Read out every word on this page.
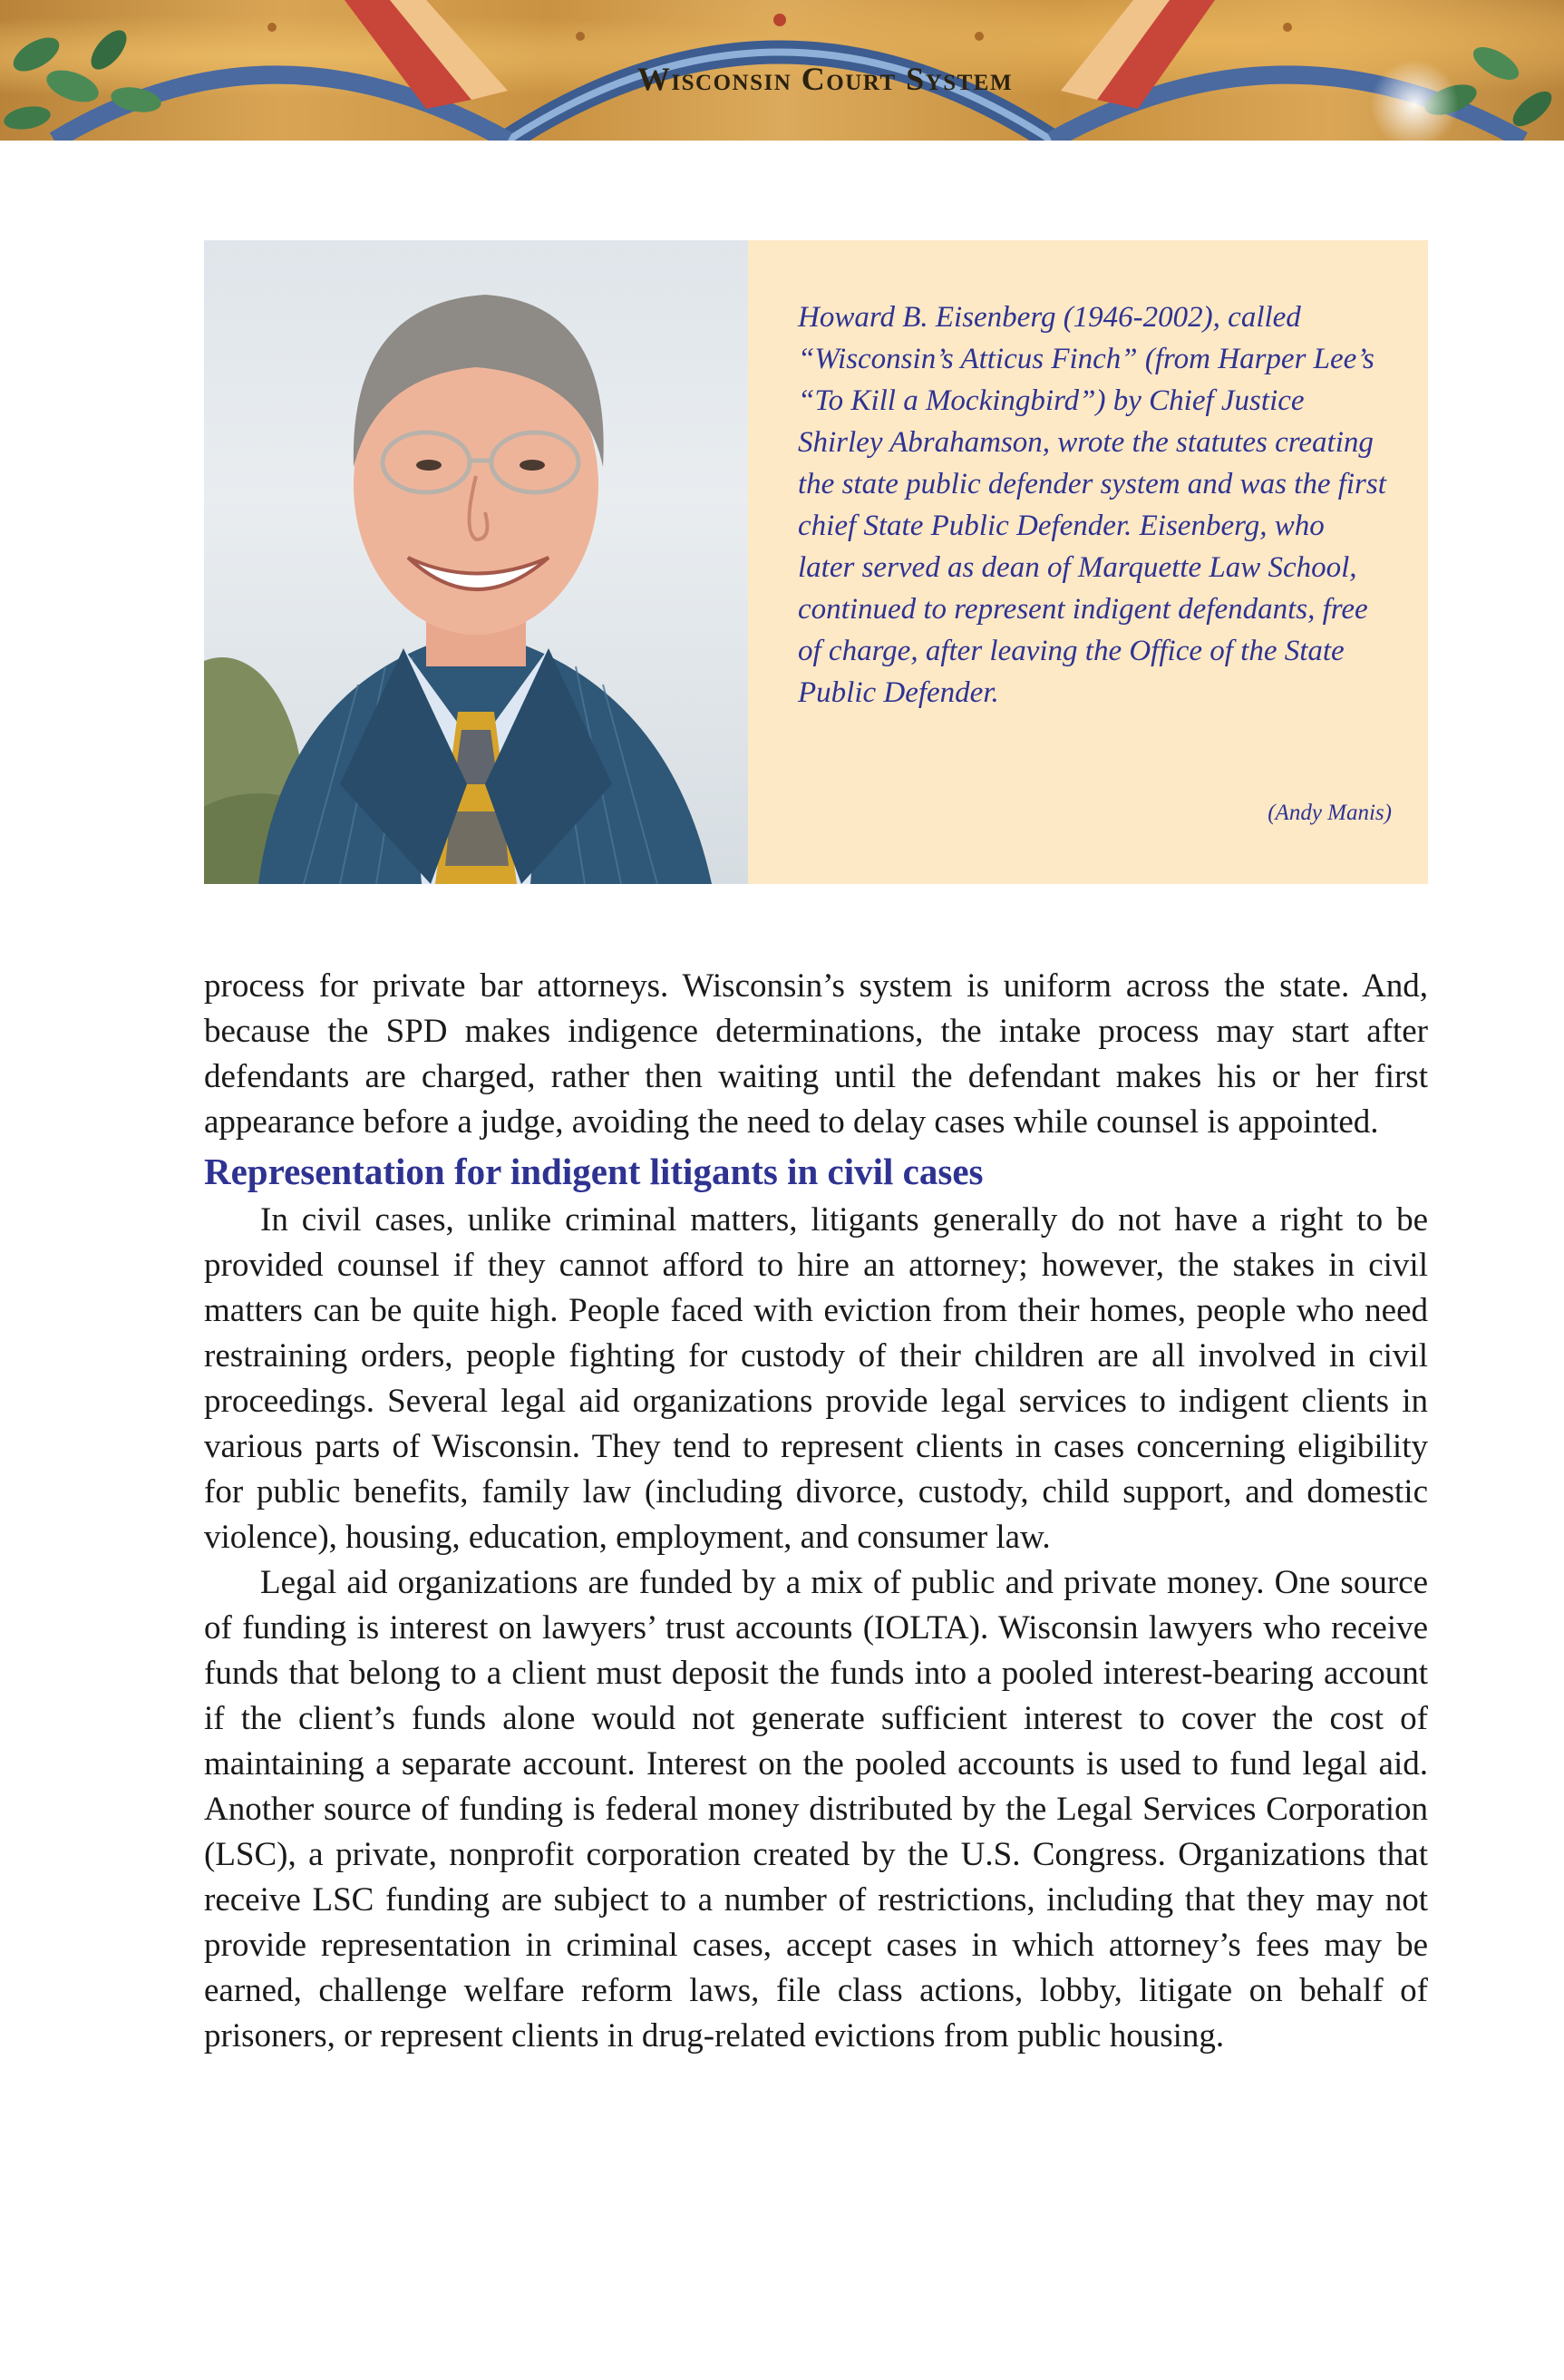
Wisconsin Court System
Howard B. Eisenberg (1946-2002), called “Wisconsin’s Atticus Finch” (from Harper Lee’s “To Kill a Mockingbird”) by Chief Justice Shirley Abrahamson, wrote the statutes creating the state public defender system and was the first chief State Public Defender. Eisenberg, who later served as dean of Marquette Law School, continued to represent indigent defendants, free of charge, after leaving the Office of the State Public Defender.
(Andy Manis)

process for private bar attorneys. Wisconsin’s system is uniform across the state. And, because the SPD makes indigence determinations, the intake process may start after defendants are charged, rather then waiting until the defendant makes his or her first appearance before a judge, avoiding the need to delay cases while counsel is appointed.

Representation for indigent litigants in civil cases

In civil cases, unlike criminal matters, litigants generally do not have a right to be provided counsel if they cannot afford to hire an attorney; however, the stakes in civil matters can be quite high. People faced with eviction from their homes, people who need restraining orders, people fighting for custody of their children are all involved in civil proceedings. Several legal aid organizations provide legal services to indigent clients in various parts of Wisconsin. They tend to represent clients in cases concerning eligibility for public benefits, family law (including divorce, custody, child support, and domestic violence), housing, education, employment, and consumer law.

Legal aid organizations are funded by a mix of public and private money. One source of funding is interest on lawyers’ trust accounts (IOLTA). Wisconsin lawyers who receive funds that belong to a client must deposit the funds into a pooled interest-bearing account if the client’s funds alone would not generate sufficient interest to cover the cost of maintaining a separate account. Interest on the pooled accounts is used to fund legal aid. Another source of funding is federal money distributed by the Legal Services Corporation (LSC), a private, nonprofit corporation created by the U.S. Congress. Organizations that receive LSC funding are subject to a number of restrictions, including that they may not provide representation in criminal cases, accept cases in which attorney’s fees may be earned, challenge welfare reform laws, file class actions, lobby, litigate on behalf of prisoners, or represent clients in drug-related evictions from public housing.
